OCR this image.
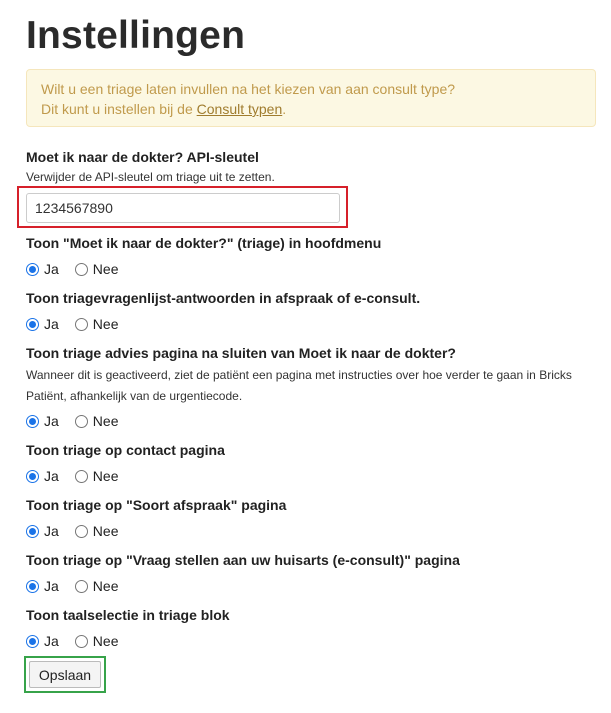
Instellingen
Wilt u een triage laten invullen na het kiezen van aan consult type?
Dit kunt u instellen bij de Consult typen.
Moet ik naar de dokter? API-sleutel
Verwijder de API-sleutel om triage uit te zetten.
1234567890
Toon "Moet ik naar de dokter?" (triage) in hoofdmenu
Ja Nee
Toon triagevragenlijst-antwoorden in afspraak of e-consult.
Ja Nee
Toon triage advies pagina na sluiten van Moet ik naar de dokter?
Wanneer dit is geactiveerd, ziet de patiënt een pagina met instructies over hoe verder te gaan in Bricks
Patiënt, afhankelijk van de urgentiecode.
Ja Nee
Toon triage op contact pagina
Ja Nee
Toon triage op "Soort afspraak" pagina
Ja Nee
Toon triage op "Vraag stellen aan uw huisarts (e-consult)" pagina
Ja Nee
Toon taalselectie in triage blok
Ja Nee
Opslaan
